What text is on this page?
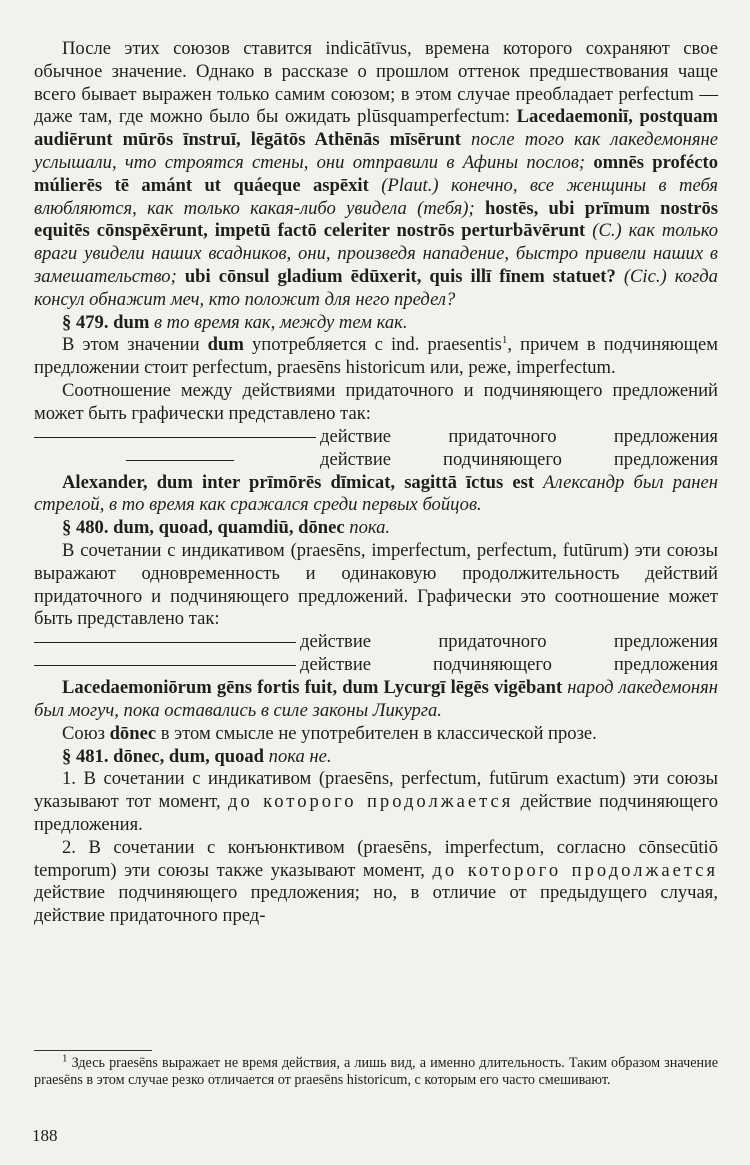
После этих союзов ставится indicātīvus, времена которого сохраняют свое обычное значение. Однако в рассказе о прошлом оттенок предшествования чаще всего бывает выражен только самим союзом; в этом случае преобладает perfectum — даже там, где можно было бы ожидать plūsquamperfectum: Lacedaemoniī, postquam audiērunt mūrōs īnstruī, lēgātōs Athēnās mīsērunt после того как лакедемоняне услышали, что строятся стены, они отправили в Афины послов; omnēs profécto múlierēs tē amánt ut quáeque aspēxit (Plaut.) конечно, все женщины в тебя влюбляются, как только какая-либо увидела (тебя); hostēs, ubi prīmum nostrōs equitēs cōnspēxērunt, impetū factō celeriter nostrōs perturbāvērunt (C.) как только враги увидели наших всадников, они, произведя нападение, быстро привели наших в замешательство; ubi cōnsul gladium ēdūxerit, quis illī fīnem statuet? (Cic.) когда консул обнажит меч, кто положит для него предел?

§ 479. dum в то время как, между тем как.

В этом значении dum употребляется с ind. praesentis$^1$, причем в подчиняющем предложении стоит perfectum, praesēns historicum или, реже, imperfectum.

Соотношение между действиями придаточного и подчиняющего предложений может быть графически представлено так:

действие придаточного предложения
действие подчиняющего предложения

Alexander, dum inter prīmōrēs dīmicat, sagittā īctus est Александр был ранен стрелой, в то время как сражался среди первых бойцов.

§ 480. dum, quoad, quamdiū, dōnec пока.

В сочетании с индикативом (praesēns, imperfectum, perfectum, futūrum) эти союзы выражают одновременность и одинаковую продолжительность действий придаточного и подчиняющего предложений. Графически это соотношение может быть представлено так:

действие придаточного предложения
действие подчиняющего предложения

Lacedaemoniōrum gēns fortis fuit, dum Lycurgī lēgēs vigēbant народ лакедемонян был могуч, пока оставались в силе законы Ликурга.

Союз dōnec в этом смысле не употребителен в классической прозе.

§ 481. dōnec, dum, quoad пока не.

1. В сочетании с индикативом (praesēns, perfectum, futūrum exactum) эти союзы указывают тот момент, до которого продолжается действие подчиняющего предложения.

2. В сочетании с конъюнктивом (praesēns, imperfectum, согласно cōnsecūtiō temporum) эти союзы также указывают момент, до которого продолжается действие подчиняющего предложения; но, в отличие от предыдущего случая, действие придаточного пред-

$^1$ Здесь praesēns выражает не время действия, а лишь вид, а именно длительность. Таким образом значение praesēns в этом случае резко отличается от praesēns historicum, с которым его часто смешивают.
188
